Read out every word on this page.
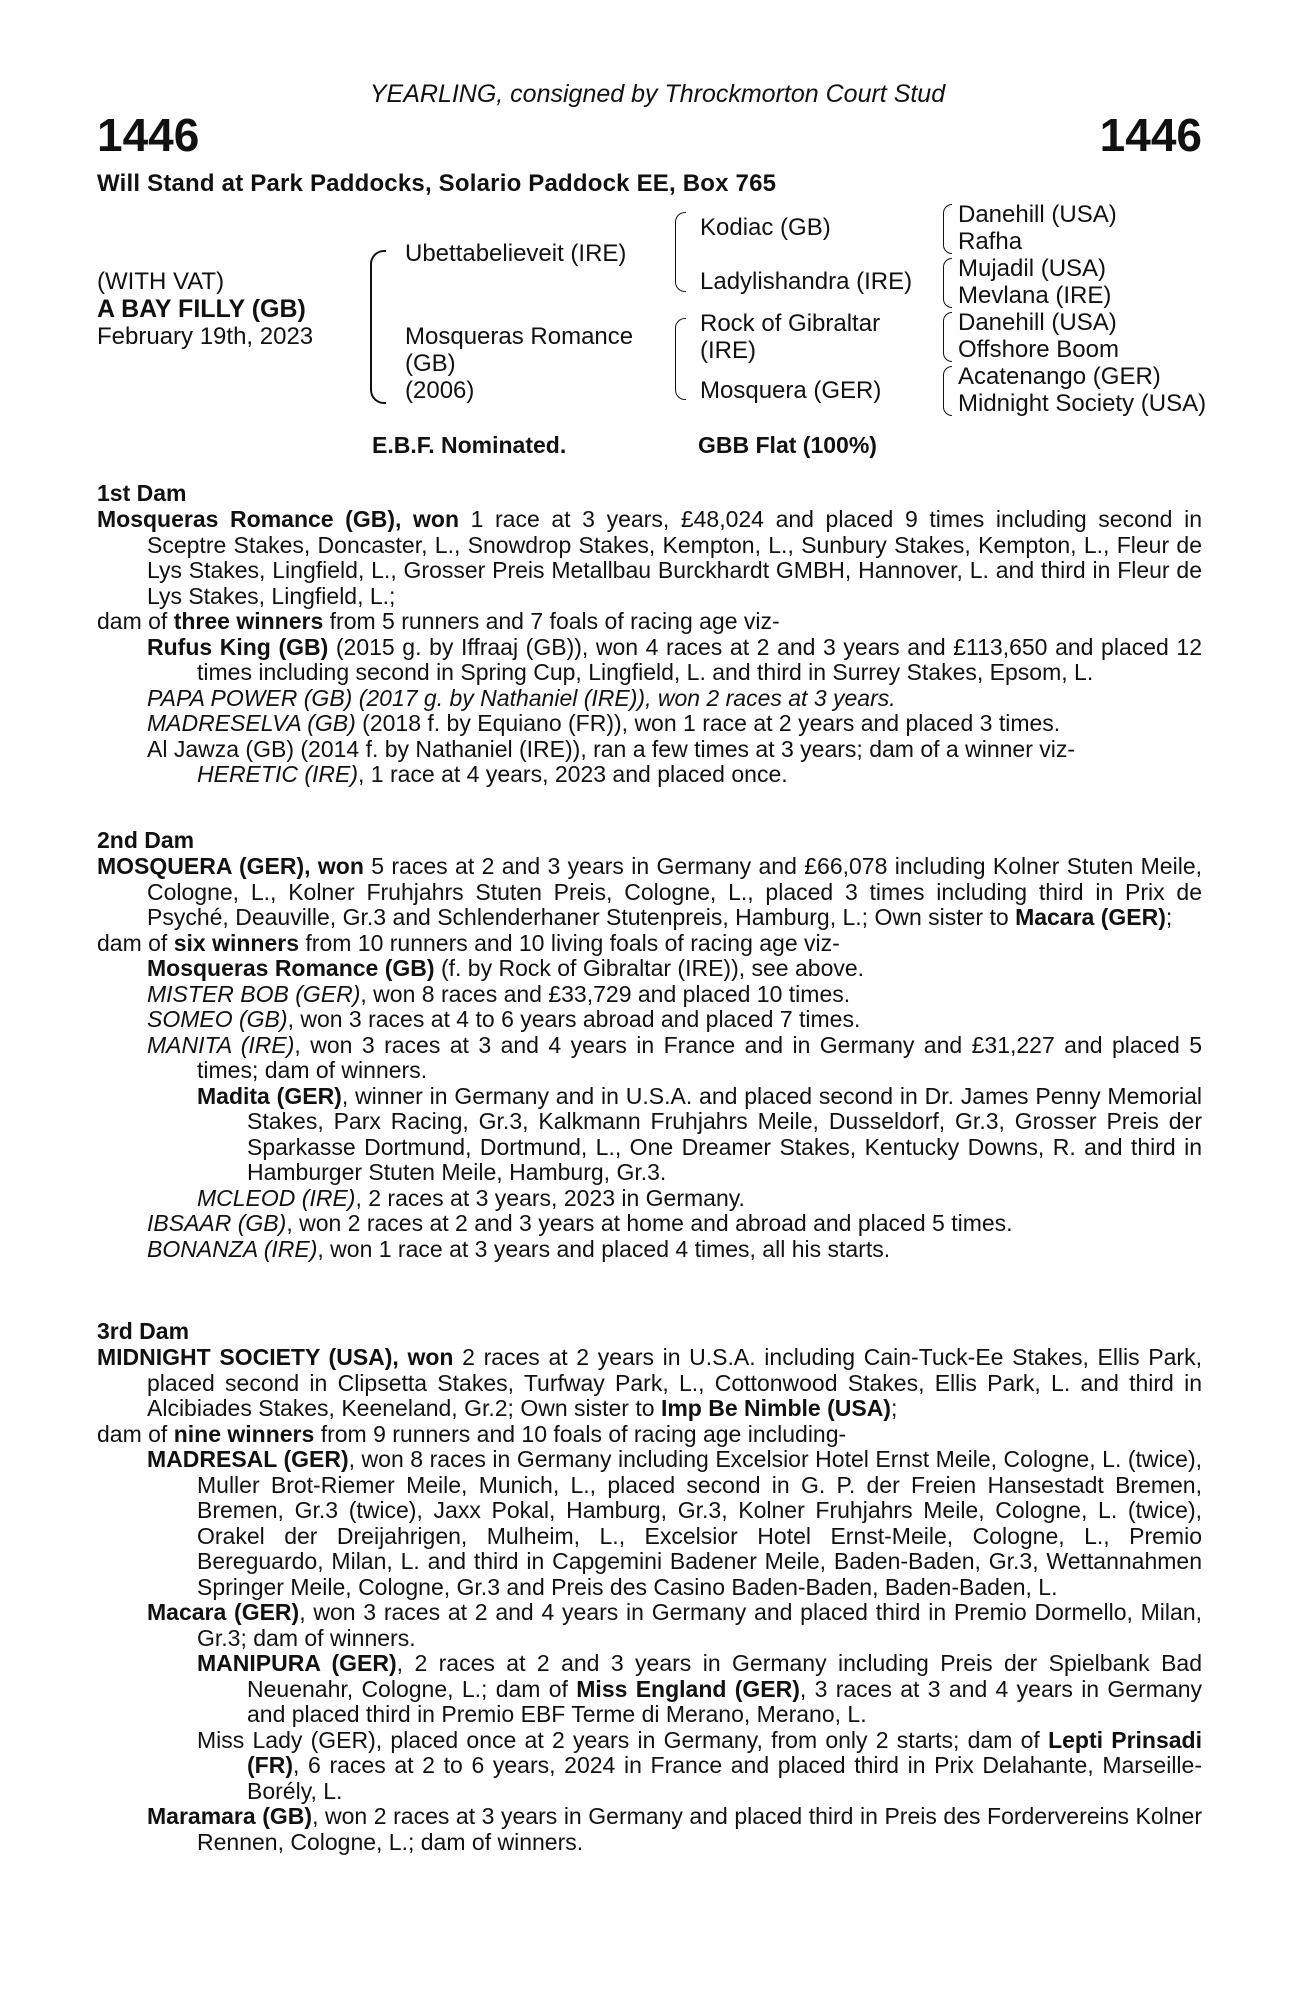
YEARLING, consigned by Throckmorton Court Stud
1446	1446
Will Stand at Park Paddocks, Solario Paddock EE, Box 765
(WITH VAT)
A BAY FILLY (GB)
February 19th, 2023
Ubettabelieveit (IRE)
Mosqueras Romance
(GB)
(2006)
Kodiac (GB)
Ladylishandra (IRE)
Rock of Gibraltar
(IRE)
Mosquera (GER)
Danehill (USA)
Rafha
Mujadil (USA)
Mevlana (IRE)
Danehill (USA)
Offshore Boom
Acatenango (GER)
Midnight Society (USA)
E.B.F. Nominated.	GBB Flat (100%)
1st Dam
Mosqueras Romance (GB), won 1 race at 3 years, £48,024 and placed 9 times including second in Sceptre Stakes, Doncaster, L., Snowdrop Stakes, Kempton, L., Sunbury Stakes, Kempton, L., Fleur de Lys Stakes, Lingfield, L., Grosser Preis Metallbau Burckhardt GMBH, Hannover, L. and third in Fleur de Lys Stakes, Lingfield, L.;
dam of three winners from 5 runners and 7 foals of racing age viz-
Rufus King (GB) (2015 g. by Iffraaj (GB)), won 4 races at 2 and 3 years and £113,650 and placed 12 times including second in Spring Cup, Lingfield, L. and third in Surrey Stakes, Epsom, L.
PAPA POWER (GB) (2017 g. by Nathaniel (IRE)), won 2 races at 3 years.
MADRESELVA (GB) (2018 f. by Equiano (FR)), won 1 race at 2 years and placed 3 times.
Al Jawza (GB) (2014 f. by Nathaniel (IRE)), ran a few times at 3 years; dam of a winner viz-
HERETIC (IRE), 1 race at 4 years, 2023 and placed once.
2nd Dam
MOSQUERA (GER), won 5 races at 2 and 3 years in Germany and £66,078 including Kolner Stuten Meile, Cologne, L., Kolner Fruhjahrs Stuten Preis, Cologne, L., placed 3 times including third in Prix de Psyché, Deauville, Gr.3 and Schlenderhaner Stutenpreis, Hamburg, L.; Own sister to Macara (GER);
dam of six winners from 10 runners and 10 living foals of racing age viz-
Mosqueras Romance (GB) (f. by Rock of Gibraltar (IRE)), see above.
MISTER BOB (GER), won 8 races and £33,729 and placed 10 times.
SOMEO (GB), won 3 races at 4 to 6 years abroad and placed 7 times.
MANITA (IRE), won 3 races at 3 and 4 years in France and in Germany and £31,227 and placed 5 times; dam of winners.
Madita (GER), winner in Germany and in U.S.A. and placed second in Dr. James Penny Memorial Stakes, Parx Racing, Gr.3, Kalkmann Fruhjahrs Meile, Dusseldorf, Gr.3, Grosser Preis der Sparkasse Dortmund, Dortmund, L., One Dreamer Stakes, Kentucky Downs, R. and third in Hamburger Stuten Meile, Hamburg, Gr.3.
MCLEOD (IRE), 2 races at 3 years, 2023 in Germany.
IBSAAR (GB), won 2 races at 2 and 3 years at home and abroad and placed 5 times.
BONANZA (IRE), won 1 race at 3 years and placed 4 times, all his starts.
3rd Dam
MIDNIGHT SOCIETY (USA), won 2 races at 2 years in U.S.A. including Cain-Tuck-Ee Stakes, Ellis Park, placed second in Clipsetta Stakes, Turfway Park, L., Cottonwood Stakes, Ellis Park, L. and third in Alcibiades Stakes, Keeneland, Gr.2; Own sister to Imp Be Nimble (USA);
dam of nine winners from 9 runners and 10 foals of racing age including-
MADRESAL (GER), won 8 races in Germany including Excelsior Hotel Ernst Meile, Cologne, L. (twice), Muller Brot-Riemer Meile, Munich, L., placed second in G. P. der Freien Hansestadt Bremen, Bremen, Gr.3 (twice), Jaxx Pokal, Hamburg, Gr.3, Kolner Fruhjahrs Meile, Cologne, L. (twice), Orakel der Dreijahrigen, Mulheim, L., Excelsior Hotel Ernst-Meile, Cologne, L., Premio Bereguardo, Milan, L. and third in Capgemini Badener Meile, Baden-Baden, Gr.3, Wettannahmen Springer Meile, Cologne, Gr.3 and Preis des Casino Baden-Baden, Baden-Baden, L.
Macara (GER), won 3 races at 2 and 4 years in Germany and placed third in Premio Dormello, Milan, Gr.3; dam of winners.
MANIPURA (GER), 2 races at 2 and 3 years in Germany including Preis der Spielbank Bad Neuenahr, Cologne, L.; dam of Miss England (GER), 3 races at 3 and 4 years in Germany and placed third in Premio EBF Terme di Merano, Merano, L.
Miss Lady (GER), placed once at 2 years in Germany, from only 2 starts; dam of Lepti Prinsadi (FR), 6 races at 2 to 6 years, 2024 in France and placed third in Prix Delahante, Marseille-Borély, L.
Maramara (GB), won 2 races at 3 years in Germany and placed third in Preis des Fordervereins Kolner Rennen, Cologne, L.; dam of winners.
